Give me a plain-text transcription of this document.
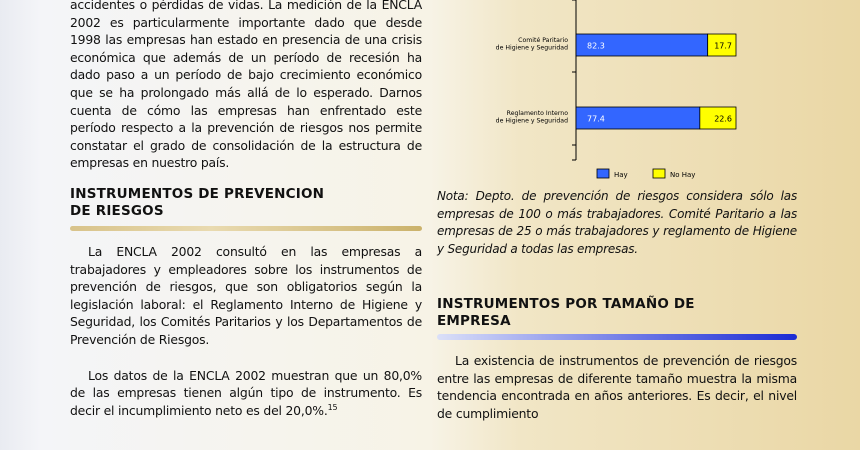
accidentes o pérdidas de vidas. La medición de la ENCLA 2002 es particularmente importante dado que desde 1998 las empresas han estado en presencia de una crisis económica que además de un período de recesión ha dado paso a un período de bajo crecimiento económico que se ha prolongado más allá de lo esperado. Darnos cuenta de cómo las empresas han enfrentado este período respecto a la prevención de riesgos nos permite constatar el grado de consolidación de la estructura de empresas en nuestro país.

INSTRUMENTOS DE PREVENCION
DE RIESGOS

La ENCLA 2002 consultó en las empresas a trabajadores y empleadores sobre los instrumentos de prevención de riesgos, que son obligatorios según la legislación laboral: el Reglamento Interno de Higiene y Seguridad, los Comités Paritarios y los Departamentos de Prevención de Riesgos.

Los datos de la ENCLA 2002 muestran que un 80,0% de las empresas tienen algún tipo de instrumento. Es decir el incumplimiento neto es del 20,0%.$^{15}$

82.3	17.7
Comité Paritario
de Higiene y Seguridad
77.4	22.6
Reglamento Interno
de Higiene y Seguridad
Hay	No Hay

Nota: Depto. de prevención de riesgos considera sólo las empresas de 100 o más trabajadores. Comité Paritario a las empresas de 25 o más trabajadores y reglamento de Higiene y Seguridad a todas las empresas.

INSTRUMENTOS POR TAMAÑO DE
EMPRESA

La existencia de instrumentos de prevención de riesgos entre las empresas de diferente tamaño muestra la misma tendencia encontrada en años anteriores. Es decir, el nivel de cumplimiento
